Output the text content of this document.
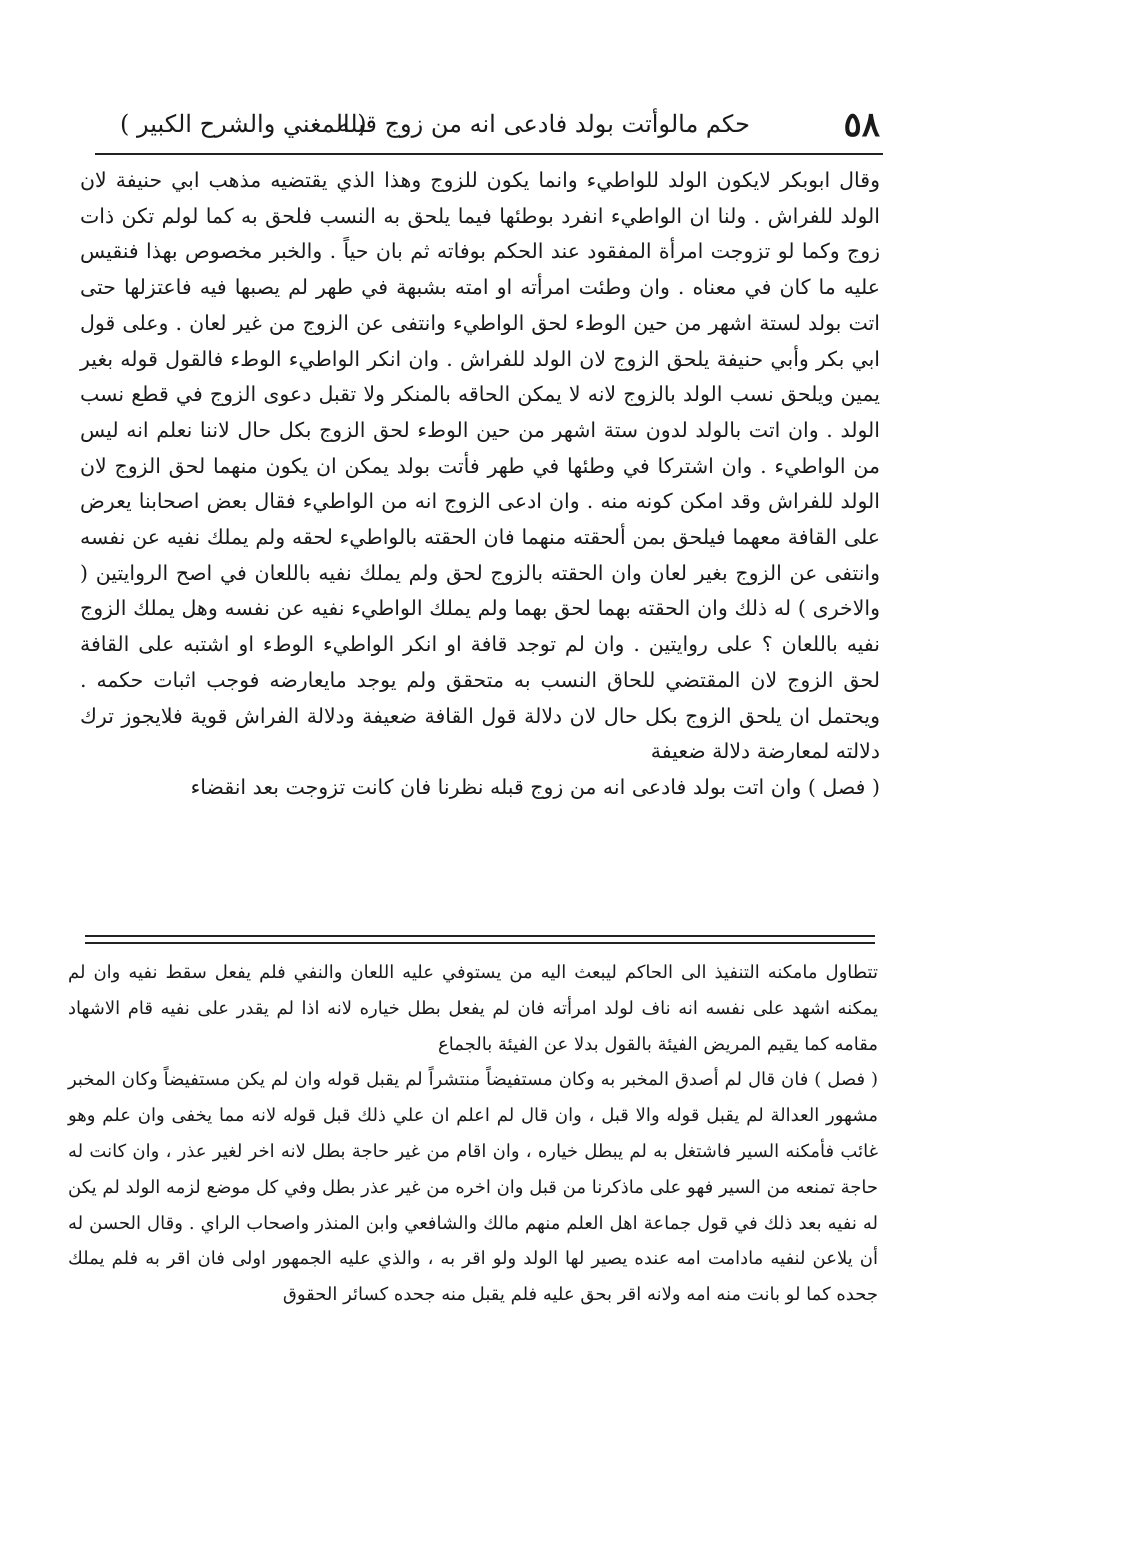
٥٨
حكم مالوأتت بولد فادعى انه من زوج قبله
( المغني والشرح الكبير )

وقال ابوبكر لايكون الولد للواطيء وانما يكون للزوج وهذا الذي يقتضيه مذهب ابي حنيفة لان الولد للفراش . ولنا ان الواطيء انفرد بوطئها فيما يلحق به النسب فلحق به كما لولم تكن ذات زوج وكما لو تزوجت امرأة المفقود عند الحكم بوفاته ثم بان حياً . والخبر مخصوص بهذا فنقيس عليه ما كان في معناه . وان وطئت امرأته او امته بشبهة في طهر لم يصبها فيه فاعتزلها حتى اتت بولد لستة اشهر من حين الوطء لحق الواطيء وانتفى عن الزوج من غير لعان . وعلى قول ابي بكر وأبي حنيفة يلحق الزوج لان الولد للفراش . وان انكر الواطيء الوطء فالقول قوله بغير يمين ويلحق نسب الولد بالزوج لانه لا يمكن الحاقه بالمنكر ولا تقبل دعوى الزوج في قطع نسب الولد . وان اتت بالولد لدون ستة اشهر من حين الوطء لحق الزوج بكل حال لاننا نعلم انه ليس من الواطيء . وان اشتركا في وطئها في طهر فأتت بولد يمكن ان يكون منهما لحق الزوج لان الولد للفراش وقد امكن كونه منه . وان ادعى الزوج انه من الواطيء فقال بعض اصحابنا يعرض على القافة معهما فيلحق بمن ألحقته منهما فان الحقته بالواطيء لحقه ولم يملك نفيه عن نفسه وانتفى عن الزوج بغير لعان وان الحقته بالزوج لحق ولم يملك نفيه باللعان في اصح الروايتين ( والاخرى ) له ذلك وان الحقته بهما لحق بهما ولم يملك الواطيء نفيه عن نفسه وهل يملك الزوج نفيه باللعان ؟ على روايتين . وان لم توجد قافة او انكر الواطيء الوطء او اشتبه على القافة لحق الزوج لان المقتضي للحاق النسب به متحقق ولم يوجد مايعارضه فوجب اثبات حكمه . ويحتمل ان يلحق الزوج بكل حال لان دلالة قول القافة ضعيفة ودلالة الفراش قوية فلايجوز ترك دلالته لمعارضة دلالة ضعيفة

( فصل ) وان اتت بولد فادعى انه من زوج قبله نظرنا فان كانت تزوجت بعد انقضاء

تتطاول مامكنه التنفيذ الى الحاكم ليبعث اليه من يستوفي عليه اللعان والنفي فلم يفعل سقط نفيه وان لم يمكنه اشهد على نفسه انه ناف لولد امرأته فان لم يفعل بطل خياره لانه اذا لم يقدر على نفيه قام الاشهاد مقامه كما يقيم المريض الفيئة بالقول بدلا عن الفيئة بالجماع

( فصل ) فان قال لم أصدق المخبر به وكان مستفيضاً منتشراً لم يقبل قوله وان لم يكن مستفيضاً وكان المخبر مشهور العدالة لم يقبل قوله والا قبل ، وان قال لم اعلم ان علي ذلك قبل قوله لانه مما يخفى وان علم وهو غائب فأمكنه السير فاشتغل به لم يبطل خياره ، وان اقام من غير حاجة بطل لانه اخر لغير عذر ، وان كانت له حاجة تمنعه من السير فهو على ماذكرنا من قبل وان اخره من غير عذر بطل وفي كل موضع لزمه الولد لم يكن له نفيه بعد ذلك في قول جماعة اهل العلم منهم مالك والشافعي وابن المنذر واصحاب الراي . وقال الحسن له أن يلاعن لنفيه مادامت امه عنده يصير لها الولد ولو اقر به ، والذي عليه الجمهور اولى فان اقر به فلم يملك جحده كما لو بانت منه امه ولانه اقر بحق عليه فلم يقبل منه جحده كسائر الحقوق
